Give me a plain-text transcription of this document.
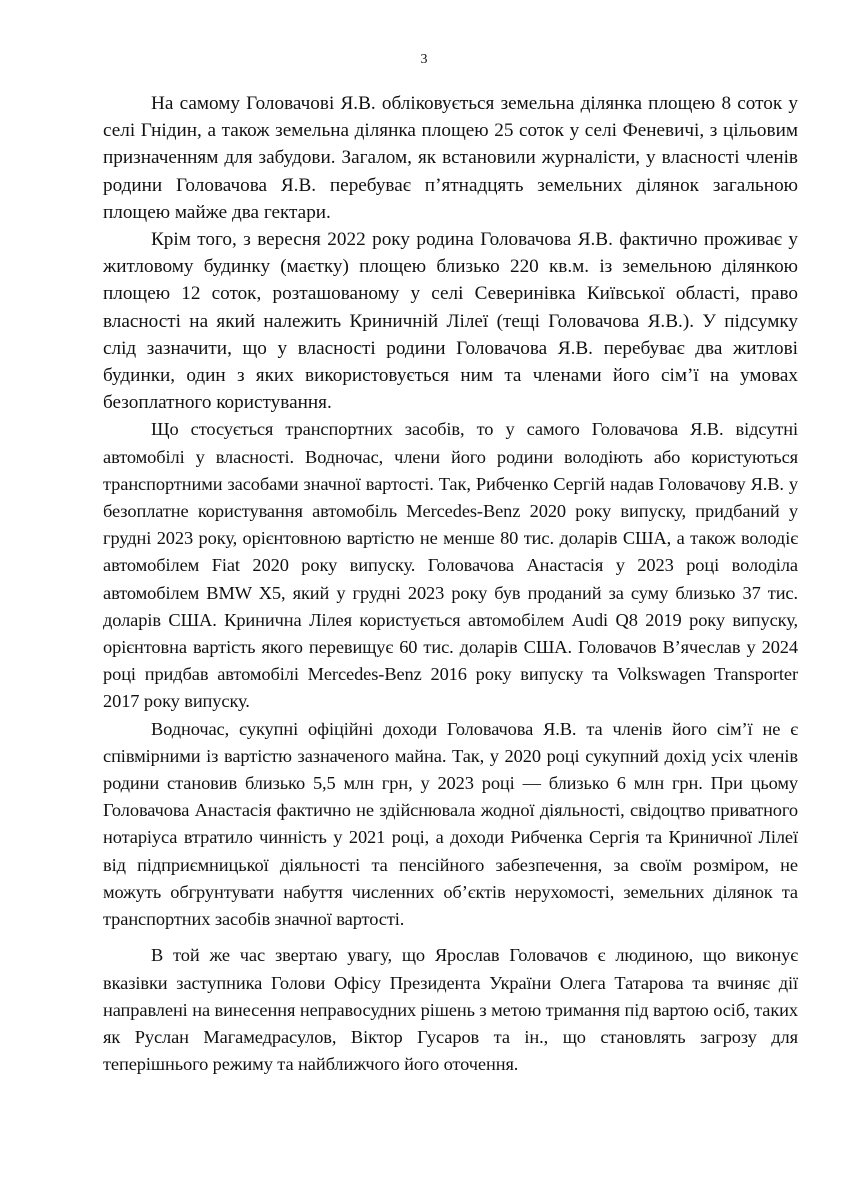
3

На самому Головачові Я.В. обліковується земельна ділянка площею 8 соток у селі Гнідин, а також земельна ділянка площею 25 соток у селі Феневичі, з цільовим призначенням для забудови. Загалом, як встановили журналісти, у власності членів родини Головачова Я.В. перебуває п’ятнадцять земельних ділянок загальною площею майже два гектари.

Крім того, з вересня 2022 року родина Головачова Я.В. фактично проживає у житловому будинку (маєтку) площею близько 220 кв.м. із земельною ділянкою площею 12 соток, розташованому у селі Северинівка Київської області, право власності на який належить Криничній Лілеї (тещі Головачова Я.В.). У підсумку слід зазначити, що у власності родини Головачова Я.В. перебуває два житлові будинки, один з яких використовується ним та членами його сім’ї на умовах безоплатного користування.

Що стосується транспортних засобів, то у самого Головачова Я.В. відсутні автомобілі у власності. Водночас, члени його родини володіють або користуються транспортними засобами значної вартості. Так, Рибченко Сергій надав Головачову Я.В. у безоплатне користування автомобіль Mercedes-Benz 2020 року випуску, придбаний у грудні 2023 року, орієнтовною вартістю не менше 80 тис. доларів США, а також володіє автомобілем Fiat 2020 року випуску. Головачова Анастасія у 2023 році володіла автомобілем BMW X5, який у грудні 2023 року був проданий за суму близько 37 тис. доларів США. Кринична Лілея користується автомобілем Audi Q8 2019 року випуску, орієнтовна вартість якого перевищує 60 тис. доларів США. Головачов В’ячеслав у 2024 році придбав автомобілі Mercedes-Benz 2016 року випуску та Volkswagen Transporter 2017 року випуску.

Водночас, сукупні офіційні доходи Головачова Я.В. та членів його сім’ї не є співмірними із вартістю зазначеного майна. Так, у 2020 році сукупний дохід усіх членів родини становив близько 5,5 млн грн, у 2023 році — близько 6 млн грн. При цьому Головачова Анастасія фактично не здійснювала жодної діяльності, свідоцтво приватного нотаріуса втратило чинність у 2021 році, а доходи Рибченка Сергія та Криничної Лілеї від підприємницької діяльності та пенсійного забезпечення, за своїм розміром, не можуть обгрунтувати набуття численних об’єктів нерухомості, земельних ділянок та транспортних засобів значної вартості.

В той же час звертаю увагу, що Ярослав Головачов є людиною, що виконує вказівки заступника Голови Офісу Президента України Олега Татарова та вчиняє дії направлені на винесення неправосудних рішень з метою тримання під вартою осіб, таких як Руслан Магамедрасулов, Віктор Гусаров та ін., що становлять загрозу для теперішнього режиму та найближчого його оточення.
